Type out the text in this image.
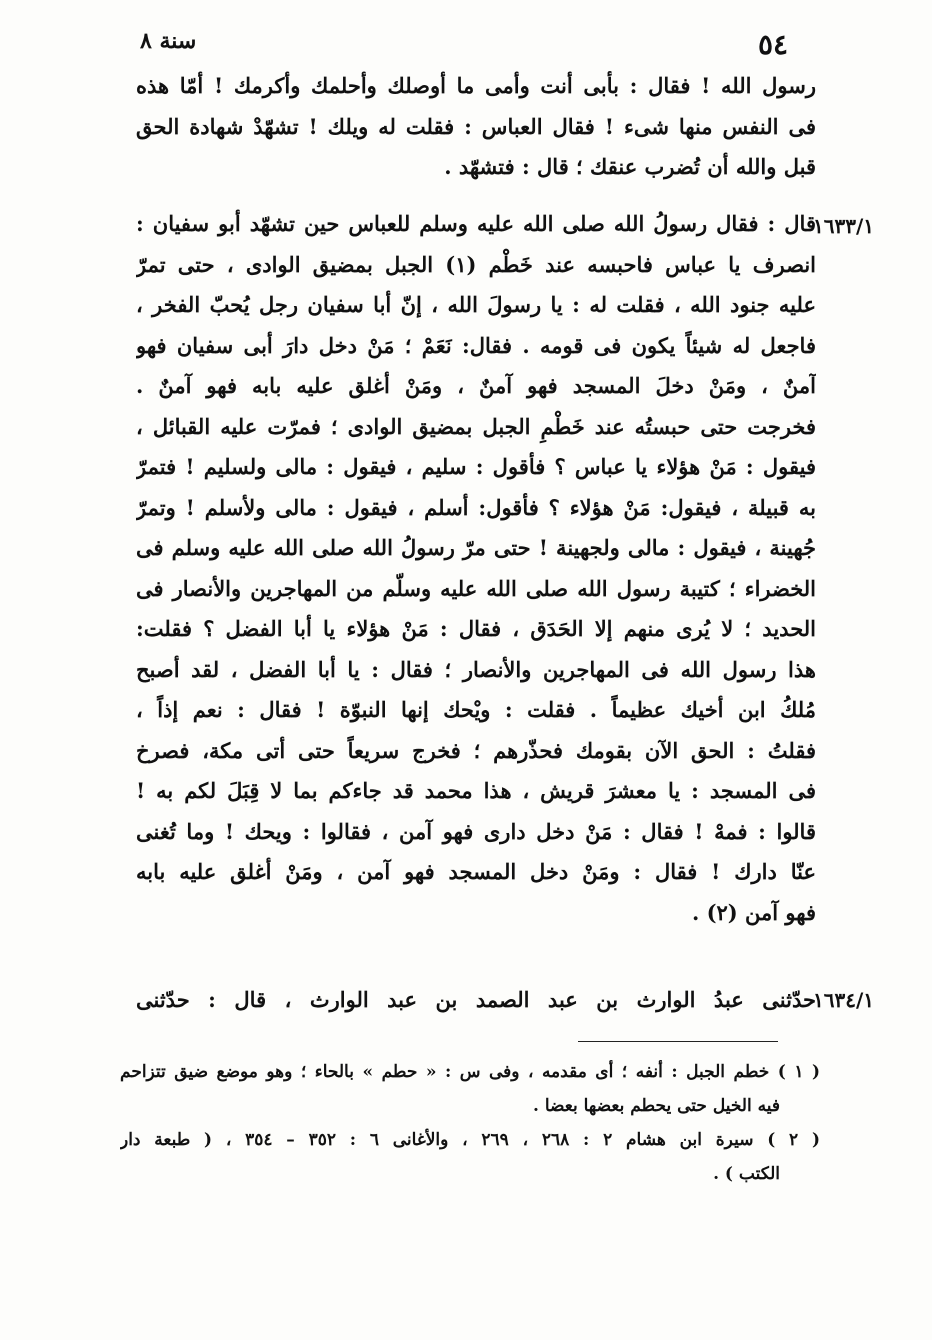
٥٤
سنة ٨
رسول الله ! فقال : بأبى أنت وأمى ما أوصلك وأحلمك وأكرمك ! أمّا هذه
فى النفس منها شىء ! فقال العباس : فقلت له ويلك ! تشهّدْ شهادة الحق
قبل والله أن تُضرب عنقك ؛ قال : فتشهّد .
١٦٣٣/١
قال : فقال رسولُ الله صلى الله عليه وسلم للعباس حين تشهّد أبو سفيان :
انصرف يا عباس فاحبسه عند خَطْم (١) الجبل بمضيق الوادى ، حتى تمرّ
عليه جنود الله ، فقلت له : يا رسولَ الله ، إنّ أبا سفيان رجل يُحبّ الفخر ،
فاجعل له شيئاً يكون فى قومه . فقال: نَعَمْ ؛ مَنْ دخل دارَ أبى سفيان فهو
آمنٌ ، ومَنْ دخلَ المسجد فهو آمنٌ ، ومَنْ أغلق عليه بابه فهو آمنٌ .
فخرجت حتى حبستُه عند خَطْمِ الجبل بمضيق الوادى ؛ فمرّت عليه القبائل ،
فيقول : مَنْ هؤلاء يا عباس ؟ فأقول : سليم ، فيقول : مالى ولسليم ! فتمرّ
به قبيلة ، فيقول: مَنْ هؤلاء ؟ فأقول: أسلم ، فيقول : مالى ولأسلم ! وتمرّ
جُهينة ، فيقول : مالى ولجهينة ! حتى مرّ رسولُ الله صلى الله عليه وسلم فى
الخضراء ؛ كتيبة رسول الله صلى الله عليه وسلّم من المهاجرين والأنصار فى
الحديد ؛ لا يُرى منهم إلا الحَدَق ، فقال : مَنْ هؤلاء يا أبا الفضل ؟ فقلت:
هذا رسول الله فى المهاجرين والأنصار ؛ فقال : يا أبا الفضل ، لقد أصبح
مُلكُ ابن أخيك عظيماً . فقلت : ويْحك إنها النبوّة ! فقال : نعم إذاً ،
فقلتُ : الحق الآن بقومك فحذّرهم ؛ فخرج سريعاً حتى أتى مكة، فصرخ
فى المسجد : يا معشرَ قريش ، هذا محمد قد جاءكم بما لا قِبَلَ لكم به !
قالوا : فمهْ ! فقال : مَنْ دخل دارى فهو آمن ، فقالوا : ويحك ! وما تُغنى
عنّا دارك ! فقال : ومَنْ دخل المسجد فهو آمن ، ومَنْ أغلق عليه بابه
فهو آمن (٢) .
١٦٣٤/١
حدّثنى عبدُ الوارث بن عبد الصمد بن عبد الوارث ، قال : حدّثنى
( ١ ) خطم الجبل : أنفه ؛ أى مقدمه ، وفى س : « حطم » بالحاء ؛ وهو موضع ضيق تتزاحم
فيه الخيل حتى يحطم بعضها بعضا .
( ٢ ) سيرة ابن هشام ٢ : ٢٦٨ ، ٢٦٩ ، والأغانى ٦ : ٣٥٢ – ٣٥٤ ، ( طبعة دار
الكتب ) .
